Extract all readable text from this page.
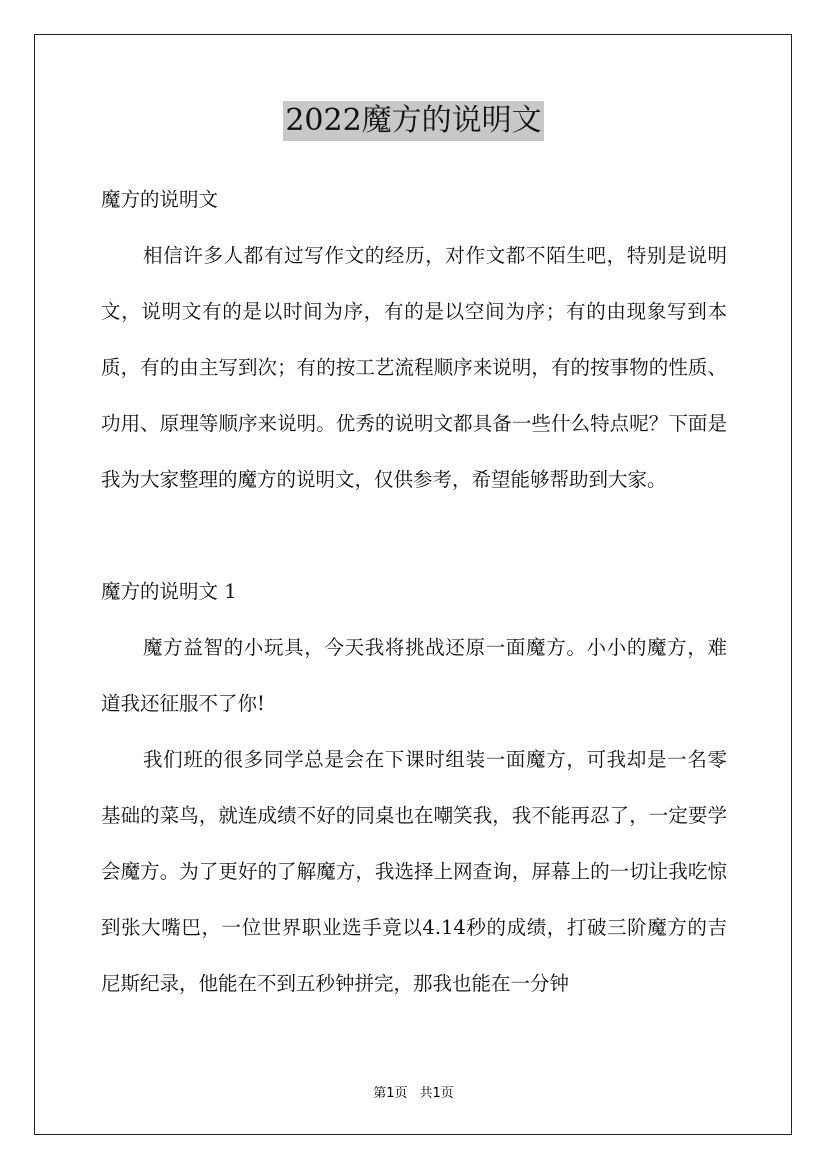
2022魔方的说明文

魔方的说明文

相信许多人都有过写作文的经历，对作文都不陌生吧，特别是说明文，说明文有的是以时间为序，有的是以空间为序；有的由现象写到本质，有的由主写到次；有的按工艺流程顺序来说明，有的按事物的性质、功用、原理等顺序来说明。优秀的说明文都具备一些什么特点呢？下面是我为大家整理的魔方的说明文，仅供参考，希望能够帮助到大家。

魔方的说明文 1

魔方益智的小玩具，今天我将挑战还原一面魔方。小小的魔方，难道我还征服不了你!

我们班的很多同学总是会在下课时组装一面魔方，可我却是一名零基础的菜鸟，就连成绩不好的同桌也在嘲笑我，我不能再忍了，一定要学会魔方。为了更好的了解魔方，我选择上网查询，屏幕上的一切让我吃惊到张大嘴巴，一位世界职业选手竟以4.14秒的成绩，打破三阶魔方的吉尼斯纪录，他能在不到五秒钟拼完，那我也能在一分钟

第1页 共1页
